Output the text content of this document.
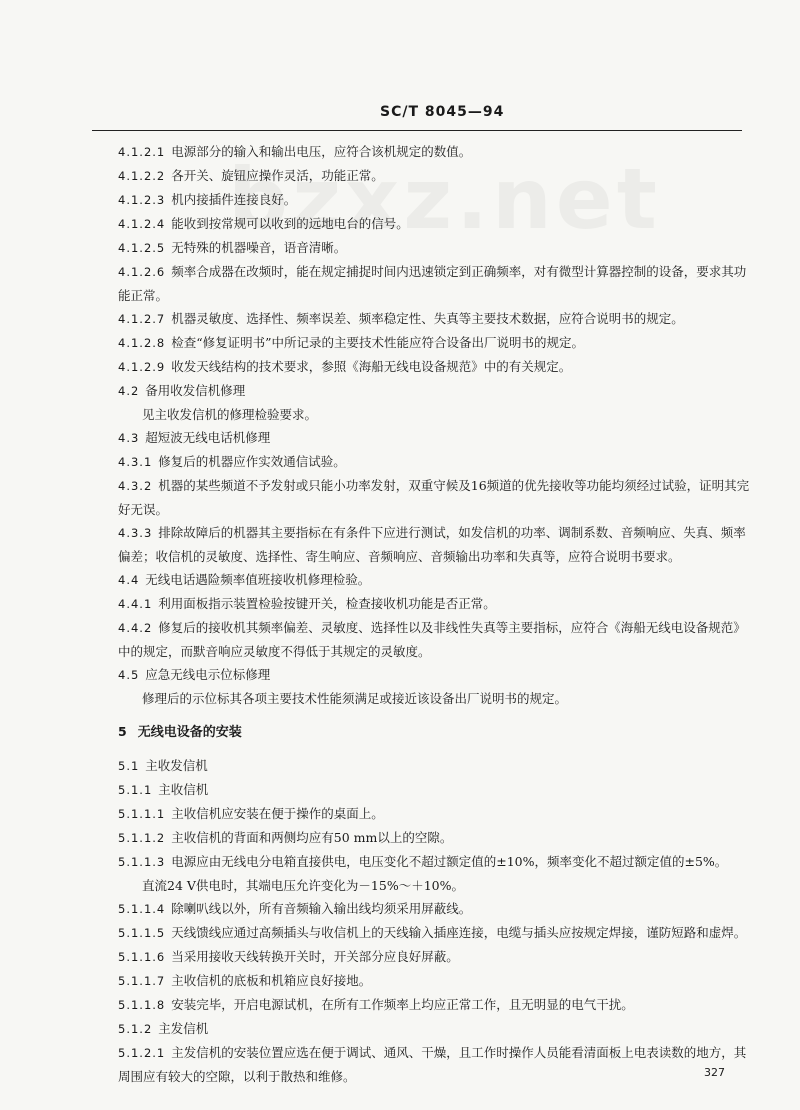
SC/T 8045—94
4.1.2.1 电源部分的输入和输出电压，应符合该机规定的数值。
4.1.2.2 各开关、旋钮应操作灵活，功能正常。
4.1.2.3 机内接插件连接良好。
4.1.2.4 能收到按常规可以收到的远地电台的信号。
4.1.2.5 无特殊的机器噪音，语音清晰。
4.1.2.6 频率合成器在改频时，能在规定捕捉时间内迅速锁定到正确频率，对有微型计算器控制的设备，要求其功能正常。
4.1.2.7 机器灵敏度、选择性、频率误差、频率稳定性、失真等主要技术数据，应符合说明书的规定。
4.1.2.8 检查“修复证明书”中所记录的主要技术性能应符合设备出厂说明书的规定。
4.1.2.9 收发天线结构的技术要求，参照《海船无线电设备规范》中的有关规定。
4.2 备用收发信机修理
见主收发信机的修理检验要求。
4.3 超短波无线电话机修理
4.3.1 修复后的机器应作实效通信试验。
4.3.2 机器的某些频道不予发射或只能小功率发射，双重守候及16频道的优先接收等功能均须经过试验，证明其完好无误。
4.3.3 排除故障后的机器其主要指标在有条件下应进行测试，如发信机的功率、调制系数、音频响应、失真、频率偏差；收信机的灵敏度、选择性、寄生响应、音频响应、音频输出功率和失真等，应符合说明书要求。
4.4 无线电话遇险频率值班接收机修理检验。
4.4.1 利用面板指示装置检验按键开关，检查接收机功能是否正常。
4.4.2 修复后的接收机其频率偏差、灵敏度、选择性以及非线性失真等主要指标，应符合《海船无线电设备规范》中的规定，而默音响应灵敏度不得低于其规定的灵敏度。
4.5 应急无线电示位标修理
修理后的示位标其各项主要技术性能须满足或接近该设备出厂说明书的规定。
5 无线电设备的安装
5.1 主收发信机
5.1.1 主收信机
5.1.1.1 主收信机应安装在便于操作的桌面上。
5.1.1.2 主收信机的背面和两侧均应有50 mm以上的空隙。
5.1.1.3 电源应由无线电分电箱直接供电，电压变化不超过额定值的±10%，频率变化不超过额定值的±5%。
直流24 V供电时，其端电压允许变化为－15%～＋10%。
5.1.1.4 除喇叭线以外，所有音频输入输出线均须采用屏蔽线。
5.1.1.5 天线馈线应通过高频插头与收信机上的天线输入插座连接，电缆与插头应按规定焊接，谨防短路和虚焊。
5.1.1.6 当采用接收天线转换开关时，开关部分应良好屏蔽。
5.1.1.7 主收信机的底板和机箱应良好接地。
5.1.1.8 安装完毕，开启电源试机，在所有工作频率上均应正常工作，且无明显的电气干扰。
5.1.2 主发信机
5.1.2.1 主发信机的安装位置应选在便于调试、通风、干燥，且工作时操作人员能看清面板上电表读数的地方，其周围应有较大的空隙，以利于散热和维修。	327
